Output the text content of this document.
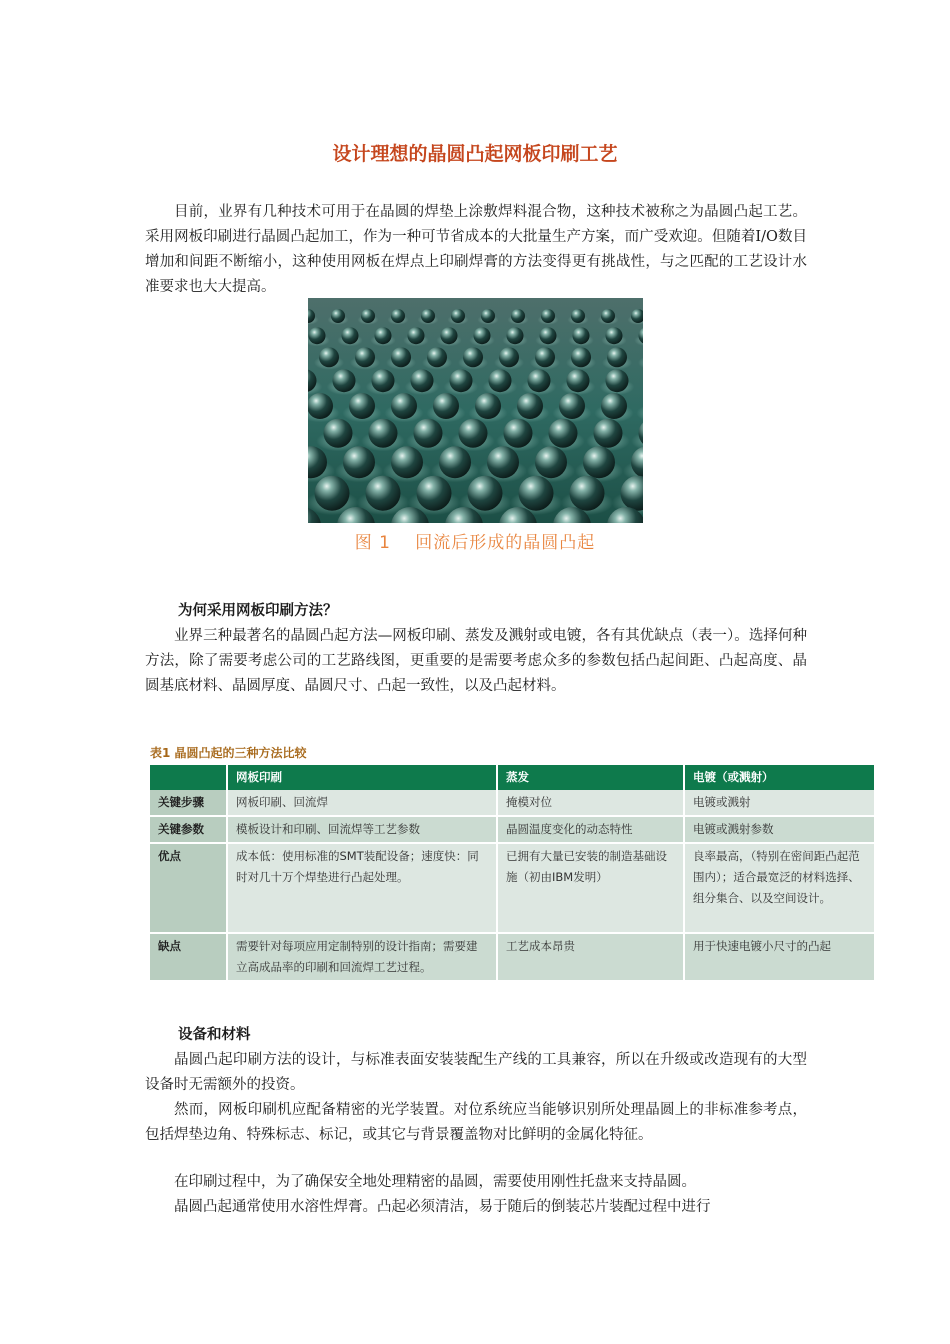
设计理想的晶圆凸起网板印刷工艺

目前，业界有几种技术可用于在晶圆的焊垫上涂敷焊料混合物，这种技术被称之为晶圆凸起工艺。采用网板印刷进行晶圆凸起加工，作为一种可节省成本的大批量生产方案，而广受欢迎。但随着I/O数目增加和间距不断缩小，这种使用网板在焊点上印刷焊膏的方法变得更有挑战性，与之匹配的工艺设计水准要求也大大提高。

图 1　 回流后形成的晶圆凸起

为何采用网板印刷方法？

业界三种最著名的晶圆凸起方法—网板印刷、蒸发及溅射或电镀，各有其优缺点（表一）。选择何种方法，除了需要考虑公司的工艺路线图，更重要的是需要考虑众多的参数包括凸起间距、凸起高度、晶圆基底材料、晶圆厚度、晶圆尺寸、凸起一致性，以及凸起材料。

表1 晶圆凸起的三种方法比较

	网板印刷	蒸发	电镀（或溅射）
关键步骤	网板印刷、回流焊	掩模对位	电镀或溅射
关键参数	模板设计和印刷、回流焊等工艺参数	晶圆温度变化的动态特性	电镀或溅射参数
优点	成本低：使用标准的SMT装配设备；速度快：同时对几十万个焊垫进行凸起处理。	已拥有大量已安装的制造基础设施（初由IBM发明）	良率最高，（特别在密间距凸起范围内）；适合最宽泛的材料选择、组分集合、以及空间设计。
缺点	需要针对每项应用定制特别的设计指南；需要建立高成品率的印刷和回流焊工艺过程。	工艺成本昂贵	用于快速电镀小尺寸的凸起

设备和材料

晶圆凸起印刷方法的设计，与标准表面安装装配生产线的工具兼容，所以在升级或改造现有的大型设备时无需额外的投资。

然而，网板印刷机应配备精密的光学装置。对位系统应当能够识别所处理晶圆上的非标准参考点，包括焊垫边角、特殊标志、标记，或其它与背景覆盖物对比鲜明的金属化特征。

在印刷过程中，为了确保安全地处理精密的晶圆，需要使用刚性托盘来支持晶圆。

晶圆凸起通常使用水溶性焊膏。凸起必须清洁，易于随后的倒装芯片装配过程中进行
